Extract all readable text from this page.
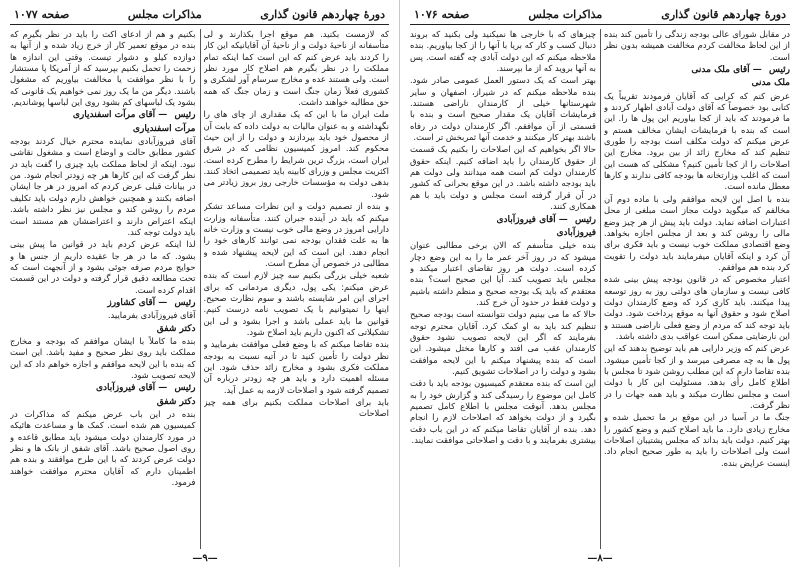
دورهٔ چهاردهم قانون گذاری
مذاکرات مجلس
صفحه ۱۰۷۷

که لازمست بکنید. هم موقع اجرا بکذارند و لی متأسفانه از ناحیهٔ دولت و از ناحیهٔ آن آقایانیکه این کار را کردند باید عرض کنم که این است کما اینکه تمام مملکت را در نظر بگیرم هم اصلاح کار مورد نظر است. ولی هستند عده و مخارج سرسام آور لشکری و کشوری فعلاً زمان جنگ است و زمان جنگ که همه حق مطالبه خواهند داشت.

ملت ایران ما با این که یک مقداری از چای های را نگهداشته و به عنوان مالیات به دولت داده که بابت آن از محصول خود باید بپردازند و دولت را از این حیث محکوم کند. امروز کمیسیون نظامی که در شرق ایران است، بزرگ ترین شرایط را مطرح کرده است. اکثریت مجلس و وزرای کابینه باید تصمیمی اتخاذ کنند. بدهی دولت به مؤسسات خارجی روز بروز زیادتر می شود.

و بنده از تصمیم دولت و این نظرات مساعد تشکر میکنم که باید در آینده جبران کنند. متأسفانه وزارت دارایی امروز در وضع مالی خوب نیست و وزارت خانه ها به علت فقدان بودجه نمی توانند کارهای خود را انجام دهند. این است که این لایحه پیشنهاد شده و مطالبی در خصوص آن مطرح است.

شعبه خیلی بزرگی بکنیم سه چیز لازم است که بنده عرض میکنم: یکی پول، دیگری مردمانی که برای اجرای این امر شایسته باشند و سوم نظارت صحیح. اینها را نمیتوانیم با یک تصویب نامه درست کنیم. قوانین ما باید عملی باشد و اجرا بشود و لی این تشکیلاتی که اکنون داریم باید اصلاح شود.

بنده تقاضا میکنم که با وضع فعلی موافقت بفرمایید و نظر دولت را تأمین کنید تا در آتیه نسبت به بودجه مملکت فکری بشود و مخارج زائد حذف شود. این مسئله اهمیت دارد و باید هر چه زودتر درباره آن تصمیم گرفته شود و اصلاحات لازمه به عمل آید.

باید برای اصلاحات مملکت بکنیم برای همه چیز اصلاحات

بکنیم و هم از ادعای اکت را باید در نظر بگیرم که بنده در موقع تعمیر کار از خرج زیاد شده و از آنها به دوازده کیلو و دشوار تیست. وقتی این اندازه ها زحمت را تحمل بکنیم بپرسید که از آمریکا پا مستشار را با نظر موافقت یا مخالفت بیاوریم که مشغول باشند. دیگر من ما یک روز نمی خواهیم یک قانونی که بشود یک لباسهای کم بشود روی این لباسها پوشاندیم.

رئیس — آقای مرآت اسفندیاری
مرآت اسفندیاری

آقای فیروزآبادی نماینده محترم خیال کردند بودجه کشور مطابق حالت و اوضاع است و مشغول نقاشی نبود. اینکه از لحاظ مملکت باید چیزی را گفت باید در نظر گرفت که این کارها هر چه زودتر انجام شود. من در بیانات قبلی عرض کردم که امروز در هر جا ایشان اضافه بکنند و همچنین خواهش دارم دولت باید تکلیف مردم را روشن کند و مجلس نیز نظر داشته باشد. اینکه اعتراض دارند و اعتراضشان هم مستند است باید دولت توجه کند.

لذا اینکه عرض کردم باید در قوانین ما پیش بینی بشود. که ما در هر جا عقیده داریم از جنس ها و حوایج مردم صرفه جوئی بشود و از آنجهت است که تحت مطالعه دقیق قرار گرفته و دولت در این قسمت اقدام کرده است.

رئیس — آقای کشاورز

آقای فیروزآبادی بفرمایید.

دکتر شفق

بنده ما کاملاً با ایشان موافقم که بودجه و مخارج مملکت باید روی نظر صحیح و مفید باشد. این است که بنده با این لایحه موافقم و اجازه خواهم داد که این لایحه تصویب شود.

رئیس — آقای فیروزآبادی
دکتر شفق

بنده در این باب عرض میکنم که مذاکرات در کمیسیون هم شده است. کمک ها و مساعدت هائیکه در مورد کارمندان دولت میشود باید مطابق قاعده و روی اصول صحیح باشد. آقای شفق از بانک ها و نظر دولت عرض کردند که با این طرح موافقند و بنده هم اطمینان دارم که آقایان محترم موافقت خواهند فرمود.

—۹—
دورهٔ چهاردهم قانون گذاری
مذاکرات مجلس
صفحه ۱۰۷۶

در مقابل شورای عالی بودجه زندگی را تأمین کند بنده از این لحاظ مخالفت کردم مخالفت همیشه بدون نظر است.

رئیس — آقای ملک مدنی
ملک مدنی

عرض کنم که کرایی که آقایان فرمودند تقریباً یک کتابی بود خصوصاً که آقای دولت آبادی اظهار کردند و ما فرمودند که باید از کجا بیاوریم این پول ها را. این است که بنده با فرمایشات ایشان مخالف هستم و عرض میکنم که دولت مکلف است بودجه را طوری تنظیم کند که مخارج زائد از بین برود. مخارج این اصلاحات را از کجا تأمین کنیم؟ مشکلی که هست این است که اغلب وزارتخانه ها بودجه کافی ندارند و کارها معطل مانده است.

بنده با اصل این لایحه موافقم ولی با ماده دوم آن مخالفم که میگوید دولت مجاز است مبلغی از محل اعتبارات اضافه نماید. دولت باید پیش از هر چیز وضع مالی را روشن کند و بعد از مجلس اجازه بخواهد. وضع اقتصادی مملکت خوب نیست و باید فکری برای آن کرد و اینکه آقایان میفرمایند باید دولت را تقویت کرد بنده هم موافقم.

اعتبار مخصوص که در قانون بودجه پیش بینی شده کافی نیست و سازمان های دولتی روز به روز توسعه پیدا میکنند. باید کاری کرد که وضع کارمندان دولت اصلاح شود و حقوق آنها به موقع پرداخت شود. دولت باید توجه کند که مردم از وضع فعلی ناراضی هستند و این نارضایتی ممکن است عواقب بدی داشته باشد.

عرض کنم که وزیر دارایی هم باید توضیح بدهند که این پول ها به چه مصرفی میرسد و از کجا تأمین میشود. بنده تقاضا دارم که این مطلب روشن شود تا مجلس با اطلاع کامل رأی بدهد. مسئولیت این کار با دولت است و مجلس نظارت میکند و باید همه جهات را در نظر گرفت.

جنگ ما در آسیا در این موقع بر ما تحمیل شده و مخارج زیادی دارد. ما باید اصلاح کنیم و وضع کشور را بهتر کنیم. دولت باید بداند که مجلس پشتیبان اصلاحات است ولی اصلاحات را باید به طور صحیح انجام داد. اینست عرایض بنده.

چیزهای که با خارجی ها نمیکنید ولی بکنید که بروند دنبال کسب و کار که بریا با آنها را از کجا بیاوریم. بنده ملاحظه میکنم که این دولت آبادی چه گفته است. پس به آنها بروید که از ما بپرسند.

بهتر است که یک دستور العمل عمومی صادر شود. بنده ملاحظه میکنم که در شیراز، اصفهان و سایر شهرستانها خیلی از کارمندان ناراضی هستند. فرمایشات آقایان یک مقدار صحیح است و بنده با قسمتی از آن موافقم. اگر کارمندان دولت در رفاه باشند بهتر کار میکنند و خدمت آنها ثمربخش تر است.

حالا اگر بخواهیم که این اصلاحات را بکنیم یک قسمت از حقوق کارمندان را باید اضافه کنیم. اینکه حقوق کارمندان دولت کم است همه میدانند ولی دولت هم باید بودجه داشته باشد. در این موقع بحرانی که کشور در آن قرار گرفته است مجلس و دولت باید با هم همکاری کنند.

رئیس — آقای فیروزآبادی
فیروزآبادی

بنده خیلی متأسفم که الان برخی مطالبی عنوان میشود که در روز آخر عمر ما را به این وضع دچار کرده است. دولت هر روز تقاضای اعتبار میکند و مجلس باید تصویب کند. آیا این صحیح است؟ بنده معتقدم که باید یک بودجه صحیح و منظم داشته باشیم و دولت فقط در حدود آن خرج کند.

حالا که ما می بینیم دولت نتوانسته است بودجه صحیح تنظیم کند باید به او کمک کرد. آقایان محترم توجه بفرمایند که اگر این لایحه تصویب نشود حقوق کارمندان عقب می افتد و کارها مختل میشود. این است که بنده پیشنهاد میکنم با این لایحه موافقت بشود و دولت را در اصلاحات تشویق کنیم.

این است که بنده معتقدم کمیسیون بودجه باید با دقت کامل این موضوع را رسیدگی کند و گزارش خود را به مجلس بدهد. آنوقت مجلس با اطلاع کامل تصمیم بگیرد و از دولت بخواهد که اصلاحات لازم را انجام دهد. بنده از آقایان تقاضا میکنم که در این باب دقت بیشتری بفرمایند و با دقت و اصلاحاتی موافقت نمایند.

—۸—
